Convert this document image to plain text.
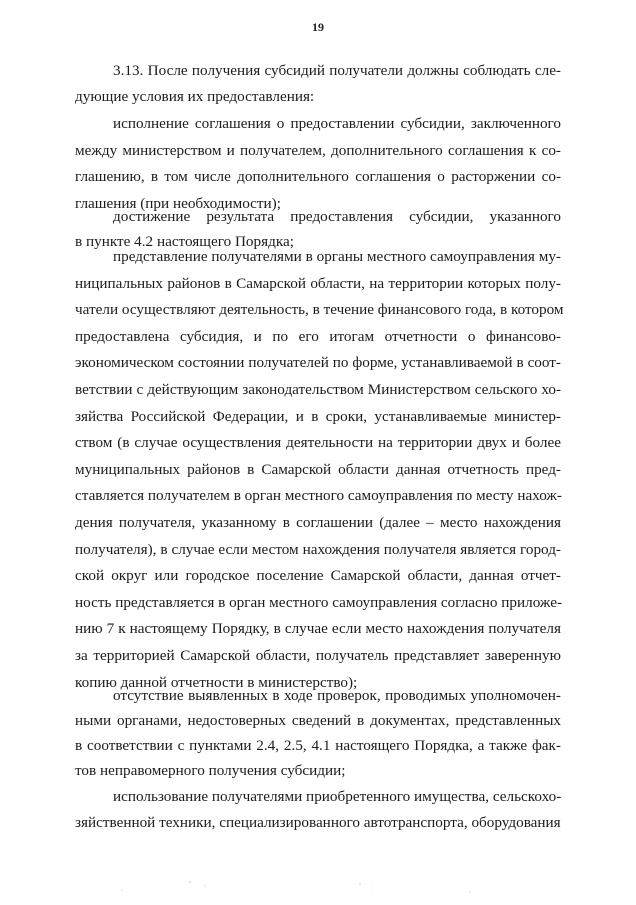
19
3.13. После получения субсидий получатели должны соблюдать сле-
дующие условия их предоставления:
исполнение соглашения о предоставлении субсидии, заключенного
между министерством и получателем, дополнительного соглашения к со-
глашению, в том числе дополнительного соглашения о расторжении со-
глашения (при необходимости);
достижение результата предоставления субсидии, указанного
в пункте 4.2 настоящего Порядка;
представление получателями в органы местного самоуправления му-
ниципальных районов в Самарской области, на территории которых полу-
чатели осуществляют деятельность, в течение финансового года, в котором
предоставлена субсидия, и по его итогам отчетности о финансово-
экономическом состоянии получателей по форме, устанавливаемой в соот-
ветствии с действующим законодательством Министерством сельского хо-
зяйства Российской Федерации, и в сроки, устанавливаемые министер-
ством (в случае осуществления деятельности на территории двух и более
муниципальных районов в Самарской области данная отчетность пред-
ставляется получателем в орган местного самоуправления по месту нахож-
дения получателя, указанному в соглашении (далее – место нахождения
получателя), в случае если местом нахождения получателя является город-
ской округ или городское поселение Самарской области, данная отчет-
ность представляется в орган местного самоуправления согласно приложе-
нию 7 к настоящему Порядку, в случае если место нахождения получателя
за территорией Самарской области, получатель представляет заверенную
копию данной отчетности в министерство);
отсутствие выявленных в ходе проверок, проводимых уполномочен-
ными органами, недостоверных сведений в документах, представленных
в соответствии с пунктами 2.4, 2.5, 4.1 настоящего Порядка, а также фак-
тов неправомерного получения субсидии;
использование получателями приобретенного имущества, сельскохо-
зяйственной техники, специализированного автотранспорта, оборудования
